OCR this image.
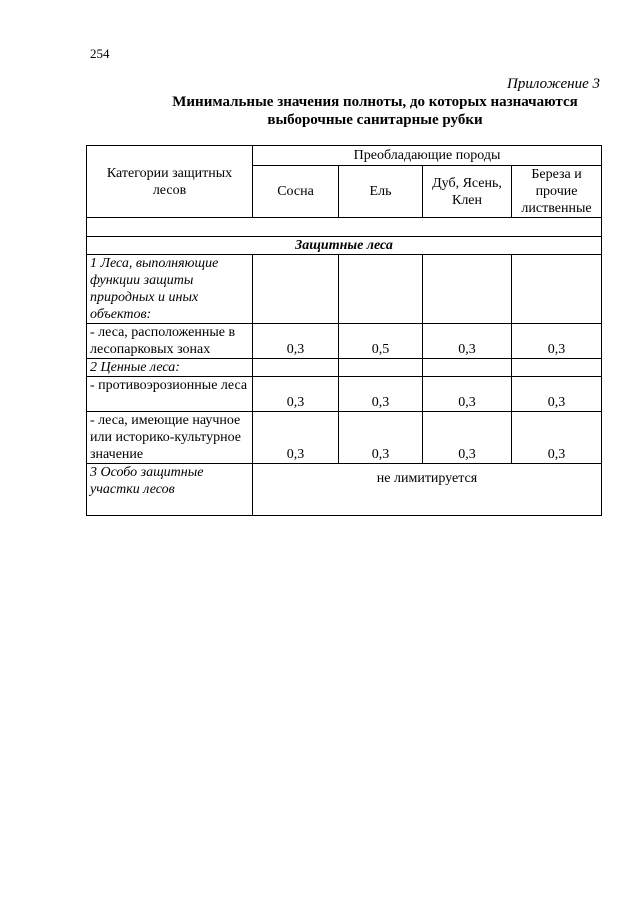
254
Приложение 3
Минимальные значения полноты, до которых назначаются
выборочные санитарные рубки
Категории защитных лесов	Преобладающие породы			
	Сосна	Ель	Дуб, Ясень, Клен	Береза и прочие лиственные

Защитные леса				
1 Леса, выполняющие функции защиты природных и иных объектов:				
- леса, расположенные в лесопарковых зонах	0,3	0,5	0,3	0,3
2 Ценные леса:				
- противоэрозионные леса	0,3	0,3	0,3	0,3
- леса, имеющие научное или историко-культурное значение	0,3	0,3	0,3	0,3
3 Особо защитные участки лесов	не лимитируется			
